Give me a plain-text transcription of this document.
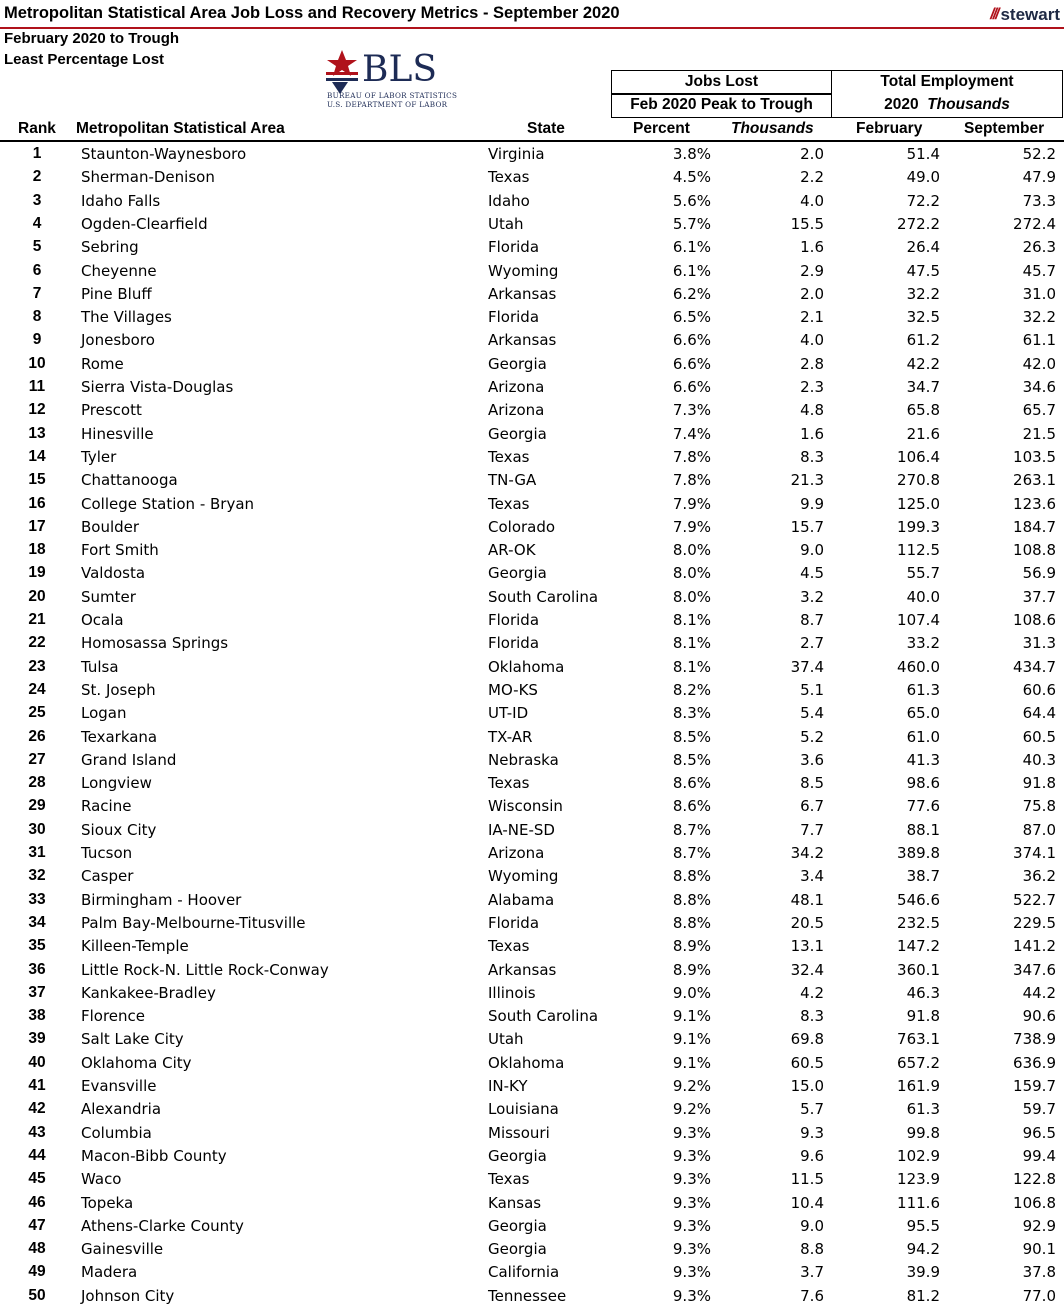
Metropolitan Statistical Area Job Loss and Recovery Metrics - September 2020	/// stewart
February 2020 to Trough
Least Percentage Lost	BLS
BUREAU OF LABOR STATISTICS
U.S. DEPARTMENT OF LABOR
Jobs Lost
Feb 2020 Peak to Trough
Total Employment
2020 Thousands
Rank Metropolitan Statistical Area	State	Percent	Thousands	February	September
1	Staunton-Waynesboro	Virginia	3.8%	2.0	51.4	52.2
2	Sherman-Denison	Texas	4.5%	2.2	49.0	47.9
3	Idaho Falls	Idaho	5.6%	4.0	72.2	73.3
4	Ogden-Clearfield	Utah	5.7%	15.5	272.2	272.4
5	Sebring	Florida	6.1%	1.6	26.4	26.3
6	Cheyenne	Wyoming	6.1%	2.9	47.5	45.7
7	Pine Bluff	Arkansas	6.2%	2.0	32.2	31.0
8	The Villages	Florida	6.5%	2.1	32.5	32.2
9	Jonesboro	Arkansas	6.6%	4.0	61.2	61.1
10	Rome	Georgia	6.6%	2.8	42.2	42.0
11	Sierra Vista-Douglas	Arizona	6.6%	2.3	34.7	34.6
12	Prescott	Arizona	7.3%	4.8	65.8	65.7
13	Hinesville	Georgia	7.4%	1.6	21.6	21.5
14	Tyler	Texas	7.8%	8.3	106.4	103.5
15	Chattanooga	TN-GA	7.8%	21.3	270.8	263.1
16	College Station - Bryan	Texas	7.9%	9.9	125.0	123.6
17	Boulder	Colorado	7.9%	15.7	199.3	184.7
18	Fort Smith	AR-OK	8.0%	9.0	112.5	108.8
19	Valdosta	Georgia	8.0%	4.5	55.7	56.9
20	Sumter	South Carolina	8.0%	3.2	40.0	37.7
21	Ocala	Florida	8.1%	8.7	107.4	108.6
22	Homosassa Springs	Florida	8.1%	2.7	33.2	31.3
23	Tulsa	Oklahoma	8.1%	37.4	460.0	434.7
24	St. Joseph	MO-KS	8.2%	5.1	61.3	60.6
25	Logan	UT-ID	8.3%	5.4	65.0	64.4
26	Texarkana	TX-AR	8.5%	5.2	61.0	60.5
27	Grand Island	Nebraska	8.5%	3.6	41.3	40.3
28	Longview	Texas	8.6%	8.5	98.6	91.8
29	Racine	Wisconsin	8.6%	6.7	77.6	75.8
30	Sioux City	IA-NE-SD	8.7%	7.7	88.1	87.0
31	Tucson	Arizona	8.7%	34.2	389.8	374.1
32	Casper	Wyoming	8.8%	3.4	38.7	36.2
33	Birmingham - Hoover	Alabama	8.8%	48.1	546.6	522.7
34	Palm Bay-Melbourne-Titusville	Florida	8.8%	20.5	232.5	229.5
35	Killeen-Temple	Texas	8.9%	13.1	147.2	141.2
36	Little Rock-N. Little Rock-Conway	Arkansas	8.9%	32.4	360.1	347.6
37	Kankakee-Bradley	Illinois	9.0%	4.2	46.3	44.2
38	Florence	South Carolina	9.1%	8.3	91.8	90.6
39	Salt Lake City	Utah	9.1%	69.8	763.1	738.9
40	Oklahoma City	Oklahoma	9.1%	60.5	657.2	636.9
41	Evansville	IN-KY	9.2%	15.0	161.9	159.7
42	Alexandria	Louisiana	9.2%	5.7	61.3	59.7
43	Columbia	Missouri	9.3%	9.3	99.8	96.5
44	Macon-Bibb County	Georgia	9.3%	9.6	102.9	99.4
45	Waco	Texas	9.3%	11.5	123.9	122.8
46	Topeka	Kansas	9.3%	10.4	111.6	106.8
47	Athens-Clarke County	Georgia	9.3%	9.0	95.5	92.9
48	Gainesville	Georgia	9.3%	8.8	94.2	90.1
49	Madera	California	9.3%	3.7	39.9	37.8
50	Johnson City	Tennessee	9.3%	7.6	81.2	77.0
